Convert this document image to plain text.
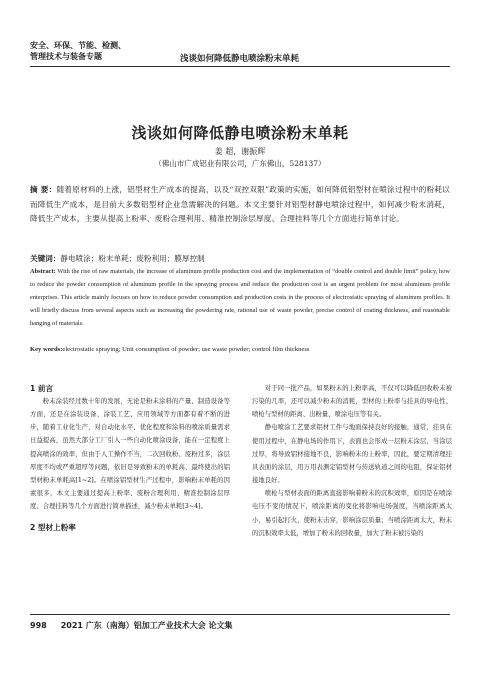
安全、环保、节能、检测、
管理技术与装备专题	浅谈如何降低静电喷涂粉末单耗
浅谈如何降低静电喷涂粉末单耗
姜 超，谢振辉
（佛山市广成铝业有限公司，广东佛山，528137）
摘 要：随着原材料的上涨，铝型材生产成本的提高，以及“双控双限”政策的实施，如何降低铝型材在喷涂过程中的粉耗以而降低生产成本，是目前大多数铝型材企业急需解决的问题。本文主要针对铝型材静电喷涂过程中，如何减少粉末消耗，降低生产成本，主要从提高上粉率、废粉合理利用、精准控制涂层厚度、合理挂料等几个方面进行简单讨论。
关键词：静电喷涂；粉末单耗；废粉利用；膜厚控制
Abstract: With the rise of raw materials, the increase of aluminum profile production cost and the implementation of “double control and double limit” policy, how to reduce the powder consumption of aluminum profile in the spraying process and reduce the production cost is an urgent problem for most aluminum profile enterprises. This article mainly focuses on how to reduce powder consumption and production costs in the process of electrostatic spraying of aluminum profiles. It will briefly discuss from several aspects such as increasing the powdering rate, rational use of waste powder, precise control of coating thickness, and reasonable hanging of materials.
Key words:electrostatic spraying; Unit consumption of powder; use waste powder; control film thickness

1 前言

粉末涂装经过数十年的发展，无论是粉末涂料的产量、制造设备等方面，还是在涂装设备、涂装工艺、应用领域等方面都有着不断的进步，随着工业化生产，对自动化水平、优化程度和涂料的喷涂质量需求日益提高，虽然大部分工厂引入一些自动化喷涂设备，能在一定程度上提高喷涂的效率，但由于人工操作不当，二次回收粉、废粉过多，涂层厚度不均或严重超厚等问题，依旧是导致粉末的单耗高、最终使出的铝型材粉末单耗高[1~2]。在喷涂铝型材生产过程中，影响粉末单耗的因素很多，本文主要通过提高上粉率、废粉合理利用、精准控制涂层厚度、合理挂料等几个方面进行简单描述，减少粉末单耗[3~4]。

2 型材上粉率

对于同一批产品，如果粉末的上粉率高，不仅可以降低回收粉末被污染的几率，还可以减少粉末的消耗，型材的上粉率与挂具的导电性、喷枪与型材的距离、出粉量、喷涂电压等有关。

静电喷涂工艺要求铝材工件与地面保持良好的接触，通常，挂具在使用过程中，在静电场的作用下，表面也会形成一层粉末涂层，当涂层过厚，将导致铝材接地不良，影响粉末的上粉率，因此，要定期清理挂具表面的涂层，用万用表测定铝型材与传送轨道之间的电阻，保证铝材接地良好。

喷枪与型材表面的距离直接影响着粉末的沉积效率，原因是在喷涂电压不变的情况下，喷涂距离的变化将影响电场强度，当喷涂距离太小，易引起打火，使粉末击穿，影响涂层质量；当喷涂距离太大，粉末的沉积效率太低，增加了粉末的回收量，加大了粉末被污染的

998 2021 广东（南海）铝加工产业技术大会 论文集
